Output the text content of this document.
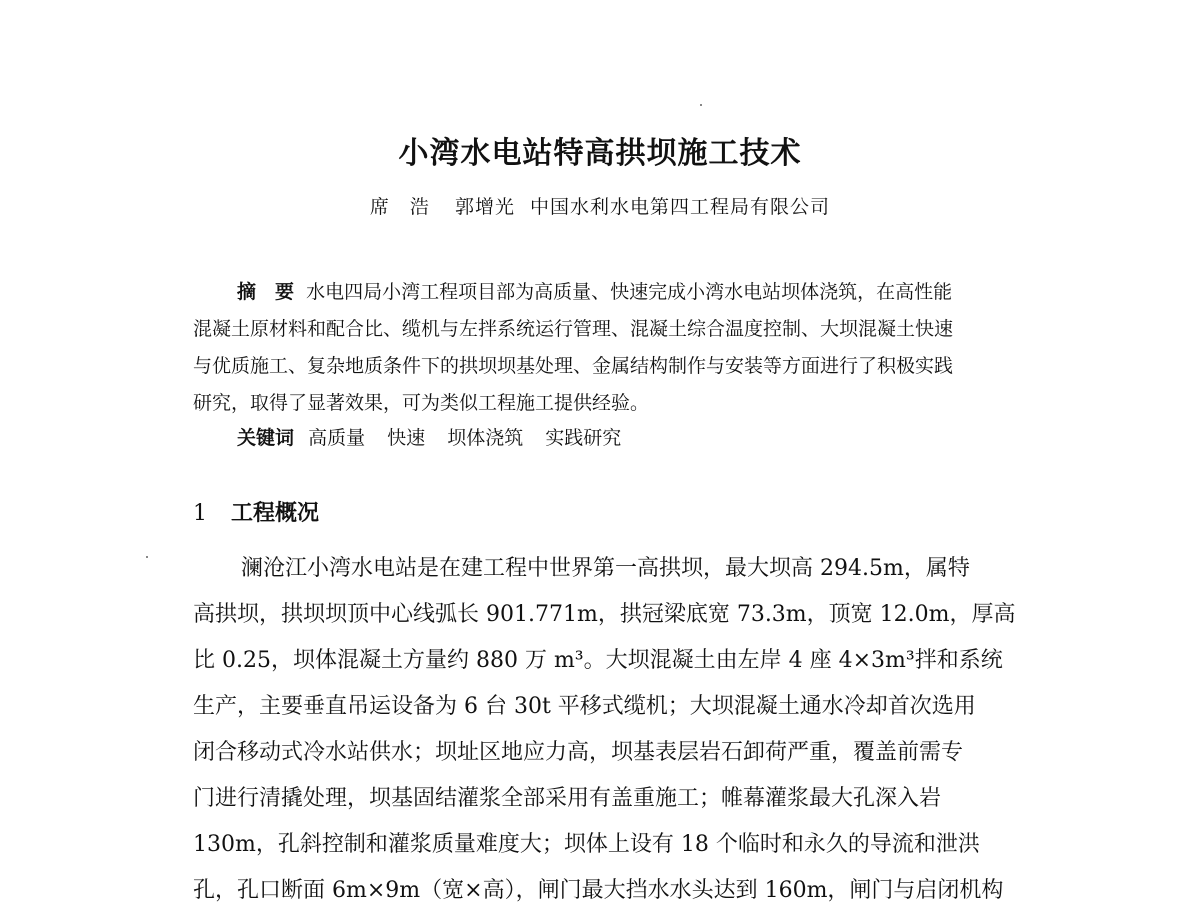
小湾水电站特高拱坝施工技术
席　浩 郭增光 中国水利水电第四工程局有限公司
摘　要 水电四局小湾工程项目部为高质量、快速完成小湾水电站坝体浇筑，在高性能
混凝土原材料和配合比、缆机与左拌系统运行管理、混凝土综合温度控制、大坝混凝土快速
与优质施工、复杂地质条件下的拱坝坝基处理、金属结构制作与安装等方面进行了积极实践
研究，取得了显著效果，可为类似工程施工提供经验。
关键词 高质量 快速 坝体浇筑 实践研究
1 工程概况
澜沧江小湾水电站是在建工程中世界第一高拱坝，最大坝高 294.5m，属特
高拱坝，拱坝坝顶中心线弧长 901.771m，拱冠梁底宽 73.3m，顶宽 12.0m，厚高
比 0.25，坝体混凝土方量约 880 万 m³。大坝混凝土由左岸 4 座 4×3m³拌和系统
生产，主要垂直吊运设备为 6 台 30t 平移式缆机；大坝混凝土通水冷却首次选用
闭合移动式冷水站供水；坝址区地应力高，坝基表层岩石卸荷严重，覆盖前需专
门进行清撬处理，坝基固结灌浆全部采用有盖重施工；帷幕灌浆最大孔深入岩
130m，孔斜控制和灌浆质量难度大；坝体上设有 18 个临时和永久的导流和泄洪
孔，孔口断面 6m×9m（宽×高），闸门最大挡水水头达到 160m，闸门与启闭机构
